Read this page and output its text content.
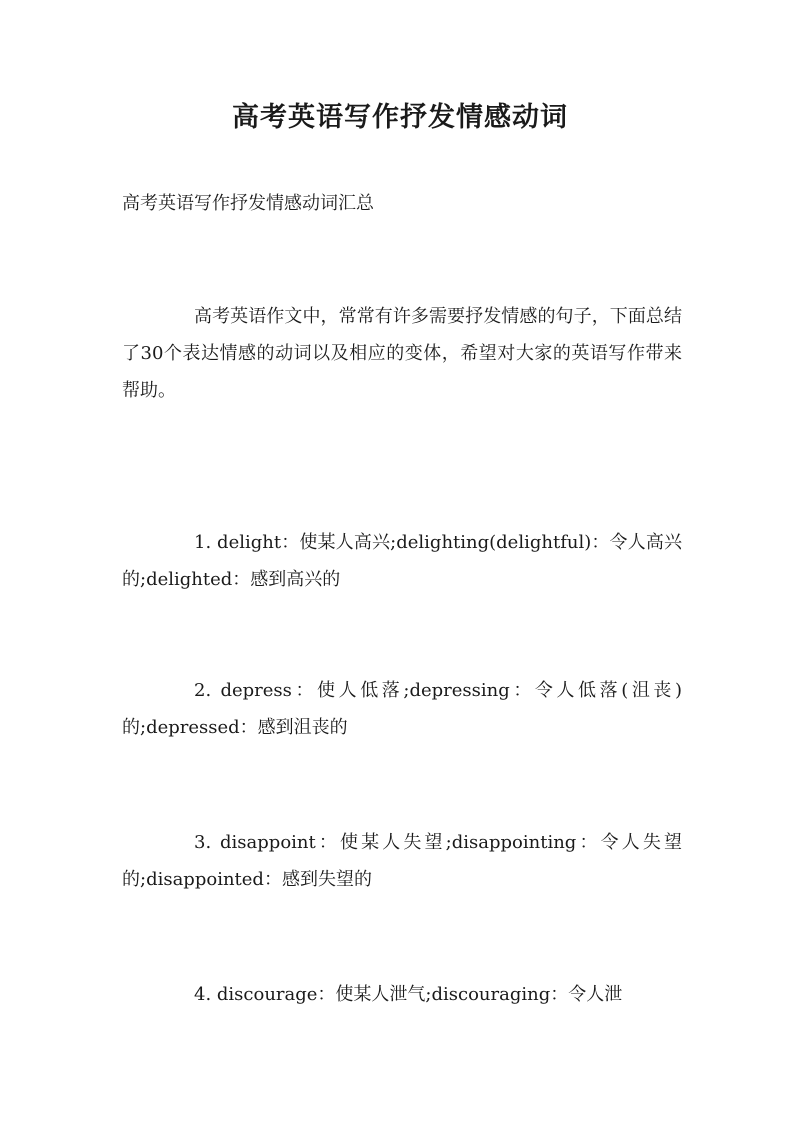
高考英语写作抒发情感动词
高考英语写作抒发情感动词汇总

高考英语作文中，常常有许多需要抒发情感的句子，下面总结了30个表达情感的动词以及相应的变体，希望对大家的英语写作带来帮助。

1. delight：使某人高兴;delighting(delightful)：令人高兴的;delighted：感到高兴的

2. depress：使人低落;depressing：令人低落(沮丧)的;depressed：感到沮丧的

3. disappoint：使某人失望;disappointing：令人失望的;disappointed：感到失望的

4. discourage：使某人泄气;discouraging：令人泄
